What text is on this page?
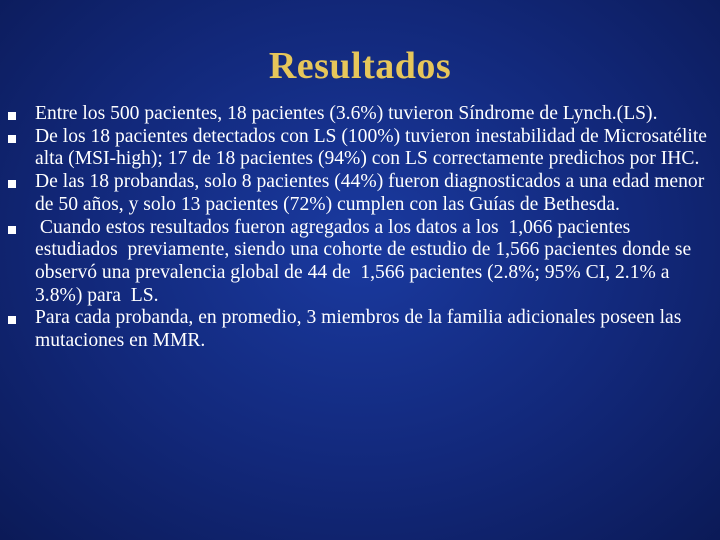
Resultados
Entre los 500 pacientes, 18 pacientes (3.6%) tuvieron Síndrome de Lynch.(LS).
De los 18 pacientes detectados con LS (100%) tuvieron inestabilidad de Microsatélite alta (MSI-high); 17 de 18 pacientes (94%) con LS correctamente predichos por IHC.
De las 18 probandas, solo 8 pacientes (44%) fueron diagnosticados a una edad menor de 50 años, y solo 13 pacientes (72%) cumplen con las Guías de Bethesda.
Cuando estos resultados fueron agregados a los datos a los  1,066 pacientes estudiados  previamente, siendo una cohorte de estudio de 1,566 pacientes donde se observó una prevalencia global de 44 de  1,566 pacientes (2.8%; 95% CI, 2.1% a  3.8%) para  LS.
Para cada probanda, en promedio, 3 miembros de la familia adicionales poseen las mutaciones en MMR.
